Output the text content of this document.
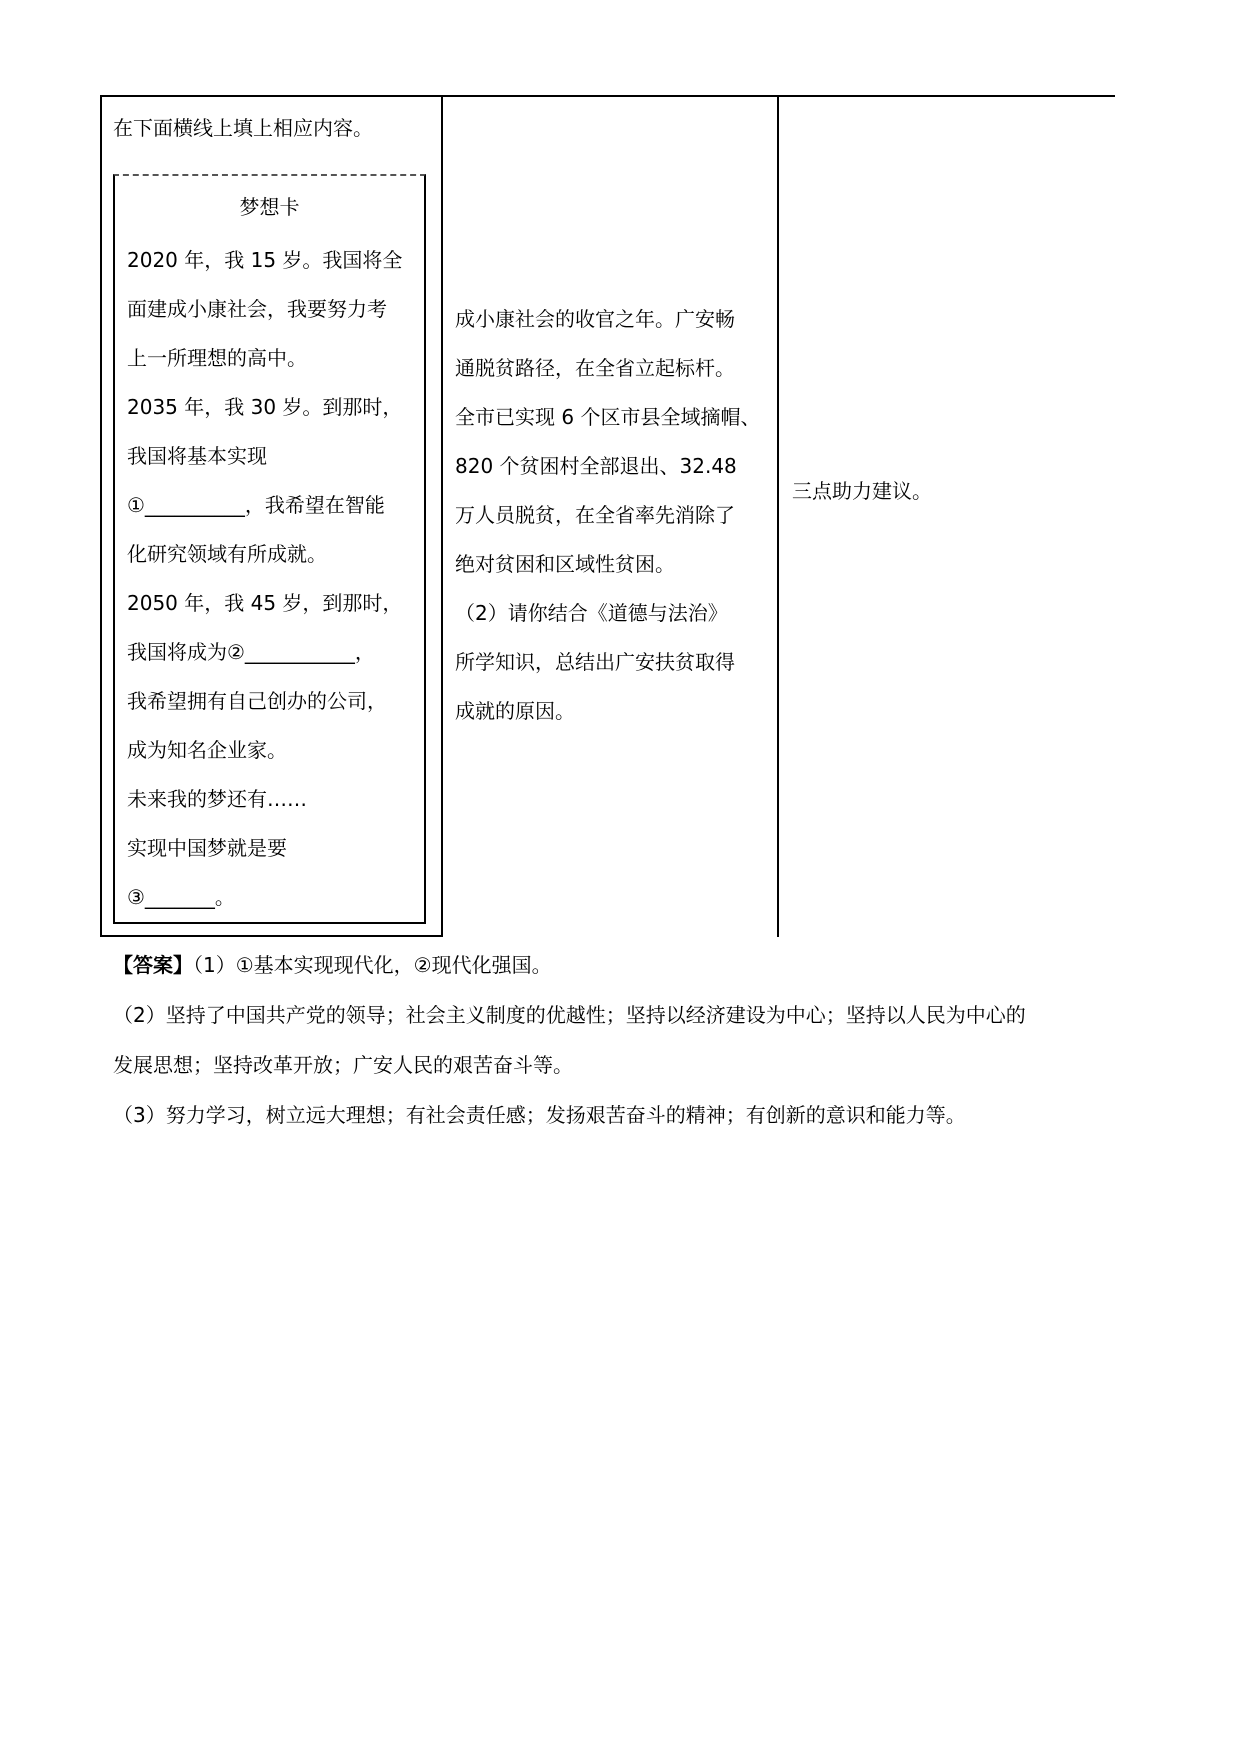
在下面横线上填上相应内容。
梦想卡
2020 年，我 15 岁。我国将全
面建成小康社会，我要努力考
上一所理想的高中。
2035 年，我 30 岁。到那时，
我国将基本实现
①__________，我希望在智能
化研究领域有所成就。
2050 年，我 45 岁，到那时，
我国将成为②___________，
我希望拥有自己创办的公司，
成为知名企业家。
未来我的梦还有……
实现中国梦就是要
③_______。
成小康社会的收官之年。广安畅
通脱贫路径，在全省立起标杆。
全市已实现 6 个区市县全域摘帽、
820 个贫困村全部退出、32.48
万人员脱贫，在全省率先消除了
绝对贫困和区域性贫困。
（2）请你结合《道德与法治》
所学知识，总结出广安扶贫取得
成就的原因。
三点助力建议。
【答案】（1）①基本实现现代化，②现代化强国。
（2）坚持了中国共产党的领导；社会主义制度的优越性；坚持以经济建设为中心；坚持以人民为中心的
发展思想；坚持改革开放；广安人民的艰苦奋斗等。
（3）努力学习，树立远大理想；有社会责任感；发扬艰苦奋斗的精神；有创新的意识和能力等。
